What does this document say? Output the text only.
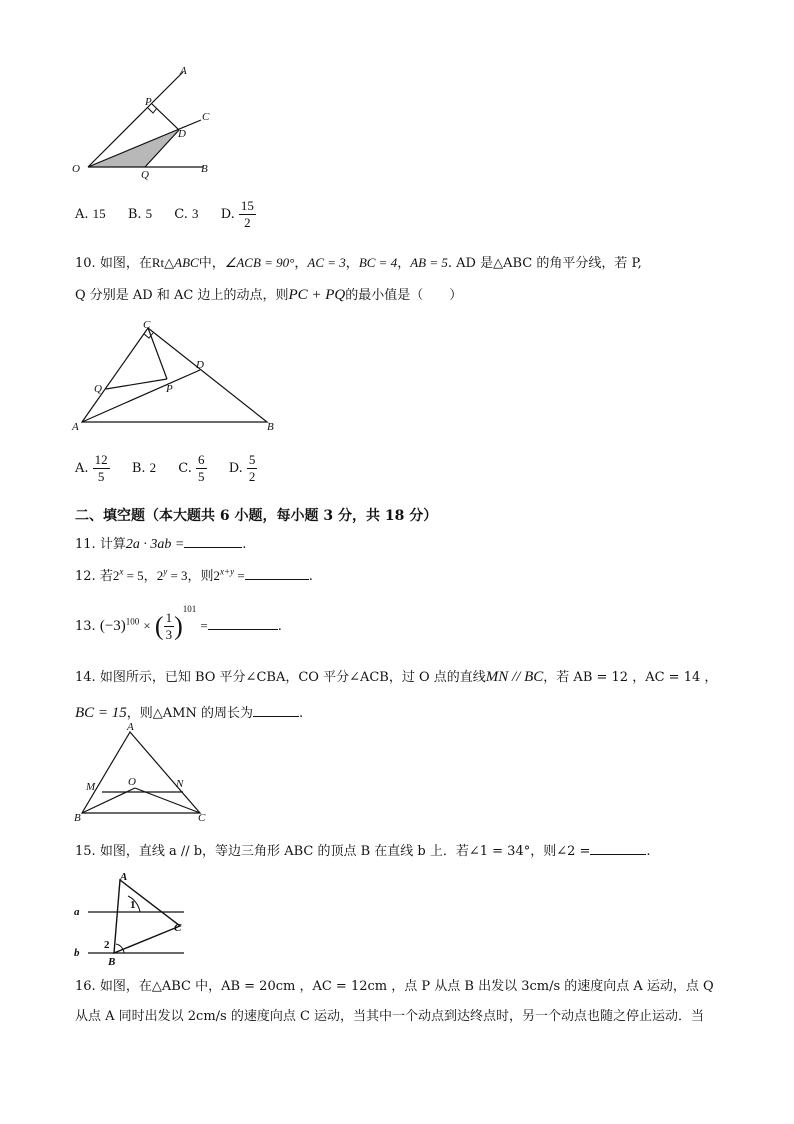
A
P
C
D
O	Q	B
A. 15 B. 5 C. 3 D. $\frac{15}{2}$
10. 如图，在Rt△ABC中，∠ACB = 90°，AC = 3，BC = 4，AB = 5. AD 是△ABC 的角平分线，若 P,
Q 分别是 AD 和 AC 边上的动点，则PC + PQ的最小值是（　　）
C
D
Q	P
A	B
A. $\frac{12}{5} B$. 2 C. $\frac{6}{5} D$. $\frac{5}{2}$
二、填空题（本大题共 6 小题，每小题 3 分，共 18 分）
11. 计算2a · 3ab =	.
12. 若$2^x = 5$，$2^y = 3$，则$2^{x+y}$ =	.
13. $(-3)^{100}$ × ( $\frac{1}{3} )^{101}$ =	.
14. 如图所示，已知 BO 平分∠CBA，CO 平分∠ACB，过 O 点的直线MN // BC，若 AB = 12 ，AC = 14 ，
BC = 15，则△AMN 的周长为	.
A
M	O	N
B	C
15. 如图，直线 a // b，等边三角形 ABC 的顶点 B 在直线 b 上．若∠1 = 34°，则∠2 =	.
A
a
b
1
2
C
B
16. 如图，在△ABC 中，AB = 20cm ，AC = 12cm ，点 P 从点 B 出发以 3cm/s 的速度向点 A 运动，点 Q
从点 A 同时出发以 2cm/s 的速度向点 C 运动，当其中一个动点到达终点时，另一个动点也随之停止运动．当
